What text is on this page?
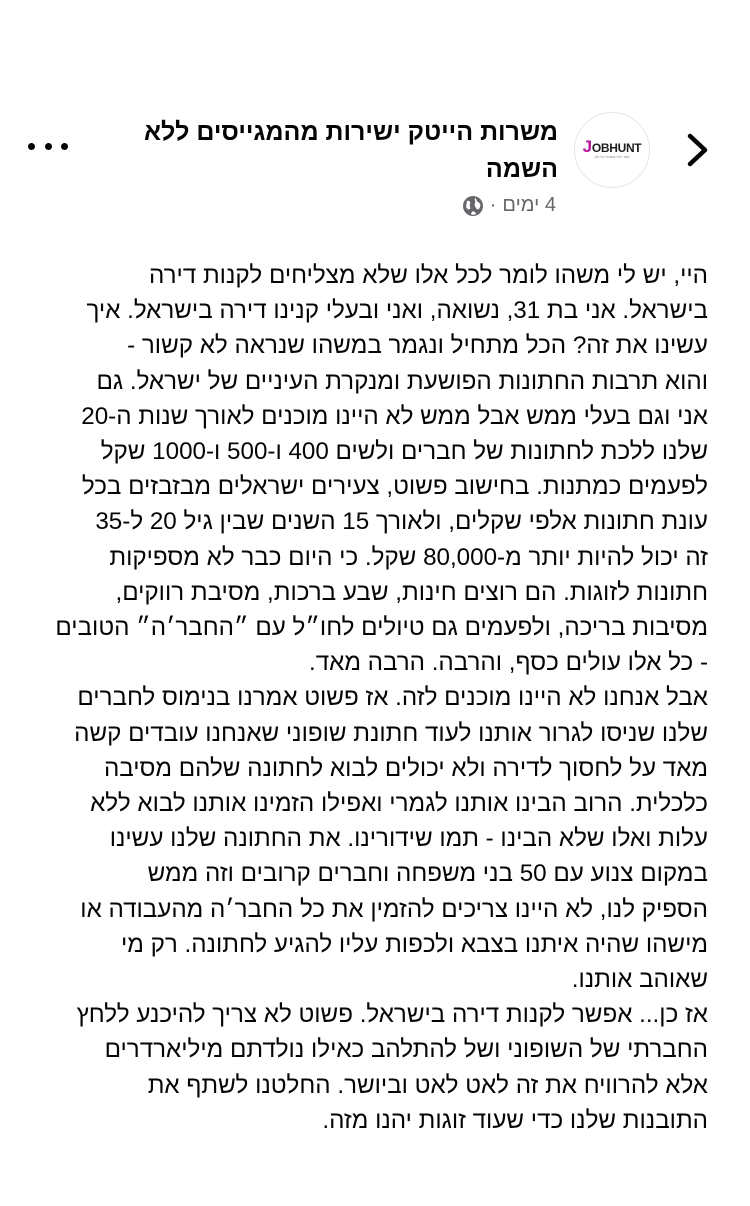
JOBHUNT
אתר לוח משרות היי טק
משרות הייטק ישירות מהמגייסים ללא
השמה
4 ימים
·
היי, יש לי משהו לומר לכל אלו שלא מצליחים לקנות דירה
בישראל. אני בת 31, נשואה, ואני ובעלי קנינו דירה בישראל. איך
עשינו את זה? הכל מתחיל ונגמר במשהו שנראה לא קשור -
והוא תרבות החתונות הפושעת ומנקרת העיניים של ישראל. גם
אני וגם בעלי ממש אבל ממש לא היינו מוכנים לאורך שנות ה-20
שלנו ללכת לחתונות של חברים ולשים 400 ו-500 ו-1000 שקל
לפעמים כמתנות. בחישוב פשוט, צעירים ישראלים מבזבזים בכל
עונת חתונות אלפי שקלים, ולאורך 15 השנים שבין גיל 20 ל-35
זה יכול להיות יותר מ-80,000 שקל. כי היום כבר לא מספיקות
חתונות לזוגות. הם רוצים חינות, שבע ברכות, מסיבת רווקים,
מסיבות בריכה, ולפעמים גם טיולים לחו״ל עם ״החבר׳ה״ הטובים
- כל אלו עולים כסף, והרבה. הרבה מאד.
אבל אנחנו לא היינו מוכנים לזה. אז פשוט אמרנו בנימוס לחברים
שלנו שניסו לגרור אותנו לעוד חתונת שופוני שאנחנו עובדים קשה
מאד על לחסוך לדירה ולא יכולים לבוא לחתונה שלהם מסיבה
כלכלית. הרוב הבינו אותנו לגמרי ואפילו הזמינו אותנו לבוא ללא
עלות ואלו שלא הבינו - תמו שידורינו. את החתונה שלנו עשינו
במקום צנוע עם 50 בני משפחה וחברים קרובים וזה ממש
הספיק לנו, לא היינו צריכים להזמין את כל החבר׳ה מהעבודה או
מישהו שהיה איתנו בצבא ולכפות עליו להגיע לחתונה. רק מי
שאוהב אותנו.
אז כן... אפשר לקנות דירה בישראל. פשוט לא צריך להיכנע ללחץ
החברתי של השופוני ושל להתלהב כאילו נולדתם מיליארדרים
אלא להרוויח את זה לאט לאט וביושר. החלטנו לשתף את
התובנות שלנו כדי שעוד זוגות יהנו מזה.
